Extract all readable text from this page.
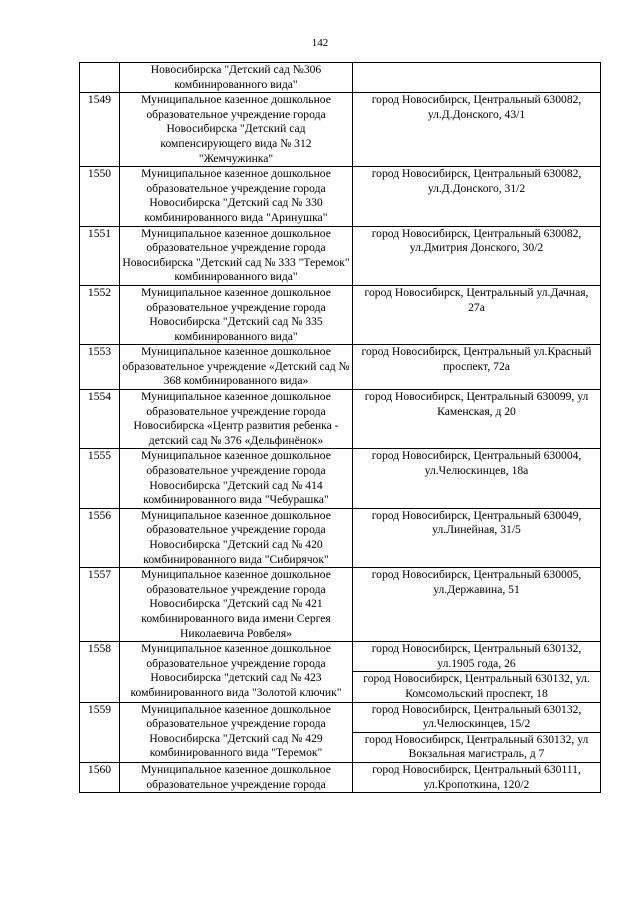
142
	Новосибирска "Детский сад №306 комбинированного вида"	
1549	Муниципальное казенное дошкольное образовательное учреждение города Новосибирска "Детский сад компенсирующего вида № 312 "Жемчужинка"	город Новосибирск, Центральный 630082, ул.Д.Донского, 43/1
1550	Муниципальное казенное дошкольное образовательное учреждение города Новосибирска "Детский сад № 330 комбинированного вида "Аринушка"	город Новосибирск, Центральный 630082, ул.Д.Донского, 31/2
1551	Муниципальное казенное дошкольное образовательное учреждение города Новосибирска "Детский сад № 333 "Теремок" комбинированного вида"	город Новосибирск, Центральный 630082, ул.Дмитрия Донского, 30/2
1552	Муниципальное казенное дошкольное образовательное учреждение города Новосибирска "Детский сад № 335 комбинированного вида"	город Новосибирск, Центральный ул.Дачная, 27а
1553	Муниципальное казенное дошкольное образовательное учреждение «Детский сад № 368 комбинированного вида»	город Новосибирск, Центральный ул.Красный проспект, 72а
1554	Муниципальное казенное дошкольное образовательное учреждение города Новосибирска «Центр развития ребенка - детский сад № 376 «Дельфинёнок»	город Новосибирск, Центральный 630099, ул Каменская, д 20
1555	Муниципальное казенное дошкольное образовательное учреждение города Новосибирска "Детский сад № 414 комбинированного вида "Чебурашка"	город Новосибирск, Центральный 630004, ул.Челюскинцев, 18а
1556	Муниципальное казенное дошкольное образовательное учреждение города Новосибирска "Детский сад № 420 комбинированного вида "Сибирячок"	город Новосибирск, Центральный 630049, ул.Линейная, 31/5
1557	Муниципальное казенное дошкольное образовательное учреждение города Новосибирска "Детский сад № 421 комбинированного вида имени Сергея Николаевича Ровбеля»	город Новосибирск, Центральный 630005, ул.Державина, 51
1558	Муниципальное казенное дошкольное образовательное учреждение города Новосибирска "детский сад № 423 комбинированного вида "Золотой ключик"	город Новосибирск, Центральный 630132, ул.1905 года, 26
		город Новосибирск, Центральный 630132, ул. Комсомольский проспект, 18
1559	Муниципальное казенное дошкольное образовательное учреждение города Новосибирска "Детский сад № 429 комбинированного вида "Теремок"	город Новосибирск, Центральный 630132, ул.Челюскинцев, 15/2
		город Новосибирск, Центральный 630132, ул Вокзальная магистраль, д 7
1560	Муниципальное казенное дошкольное образовательное учреждение города	город Новосибирск, Центральный 630111, ул.Кропоткина, 120/2
